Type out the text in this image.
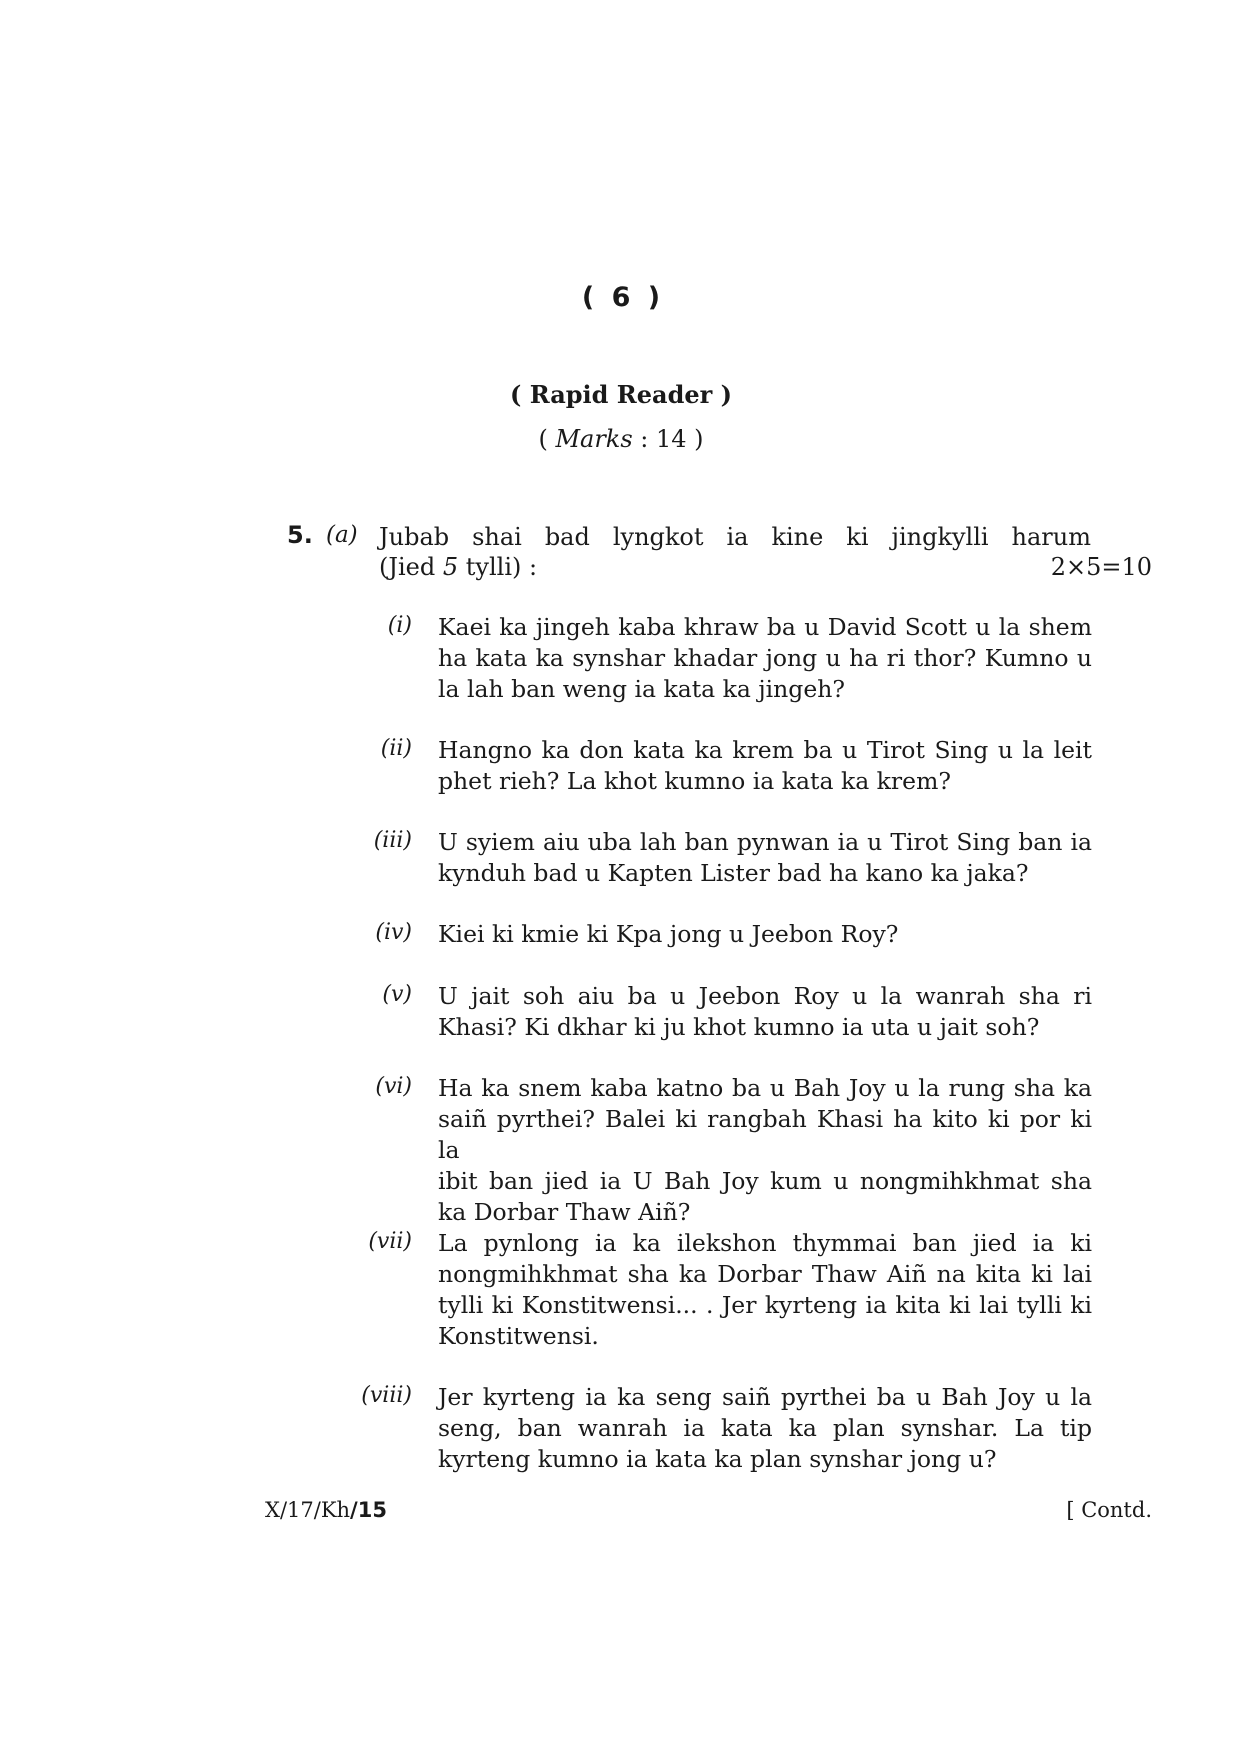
( 6 )
( Rapid Reader )
( Marks : 14 )
5. (a) Jubab shai bad lyngkot ia kine ki jingkylli harum
(Jied 5 tylli) :	2×5=10
(i) Kaei ka jingeh kaba khraw ba u David Scott u la shem
ha kata ka synshar khadar jong u ha ri thor? Kumno u
la lah ban weng ia kata ka jingeh?
(ii) Hangno ka don kata ka krem ba u Tirot Sing u la leit
phet rieh? La khot kumno ia kata ka krem?
(iii) U syiem aiu uba lah ban pynwan ia u Tirot Sing ban ia
kynduh bad u Kapten Lister bad ha kano ka jaka?
(iv) Kiei ki kmie ki Kpa jong u Jeebon Roy?
(v) U jait soh aiu ba u Jeebon Roy u la wanrah sha ri
Khasi? Ki dkhar ki ju khot kumno ia uta u jait soh?
(vi) Ha ka snem kaba katno ba u Bah Joy u la rung sha ka
saiñ pyrthei? Balei ki rangbah Khasi ha kito ki por ki la
ibit ban jied ia U Bah Joy kum u nongmihkhmat sha
ka Dorbar Thaw Aiñ?
(vii) La pynlong ia ka ilekshon thymmai ban jied ia ki
nongmihkhmat sha ka Dorbar Thaw Aiñ na kita ki lai
tylli ki Konstitwensi... . Jer kyrteng ia kita ki lai tylli ki
Konstitwensi.
(viii) Jer kyrteng ia ka seng saiñ pyrthei ba u Bah Joy u la
seng, ban wanrah ia kata ka plan synshar. La tip
kyrteng kumno ia kata ka plan synshar jong u?
X/17/Kh/15	[ Contd.
